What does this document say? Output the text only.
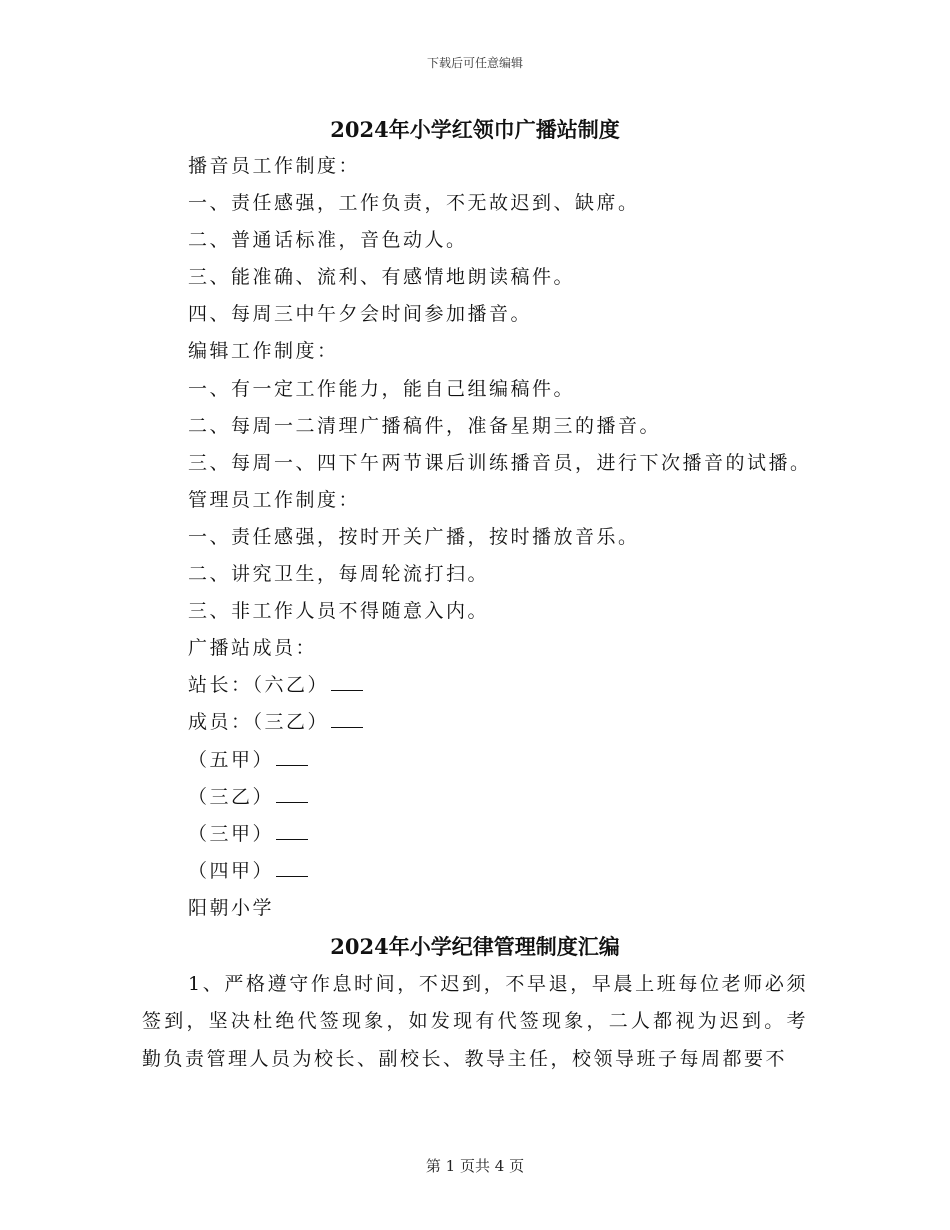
下载后可任意编辑
2024年小学红领巾广播站制度
播音员工作制度：
一、责任感强，工作负责，不无故迟到、缺席。
二、普通话标准，音色动人。
三、能准确、流利、有感情地朗读稿件。
四、每周三中午夕会时间参加播音。
编辑工作制度：
一、有一定工作能力，能自己组编稿件。
二、每周一二清理广播稿件，准备星期三的播音。
三、每周一、四下午两节课后训练播音员，进行下次播音的试播。
管理员工作制度：
一、责任感强，按时开关广播，按时播放音乐。
二、讲究卫生，每周轮流打扫。
三、非工作人员不得随意入内。
广播站成员：
站长：（六乙）
成员：（三乙）
（五甲）
（三乙）
（三甲）
（四甲）
阳朝小学
2024年小学纪律管理制度汇编

1、严格遵守作息时间，不迟到，不早退，早晨上班每位老师必须签到，坚决杜绝代签现象，如发现有代签现象，二人都视为迟到。考勤负责管理人员为校长、副校长、教导主任，校领导班子每周都要不

第 1 页共 4 页
